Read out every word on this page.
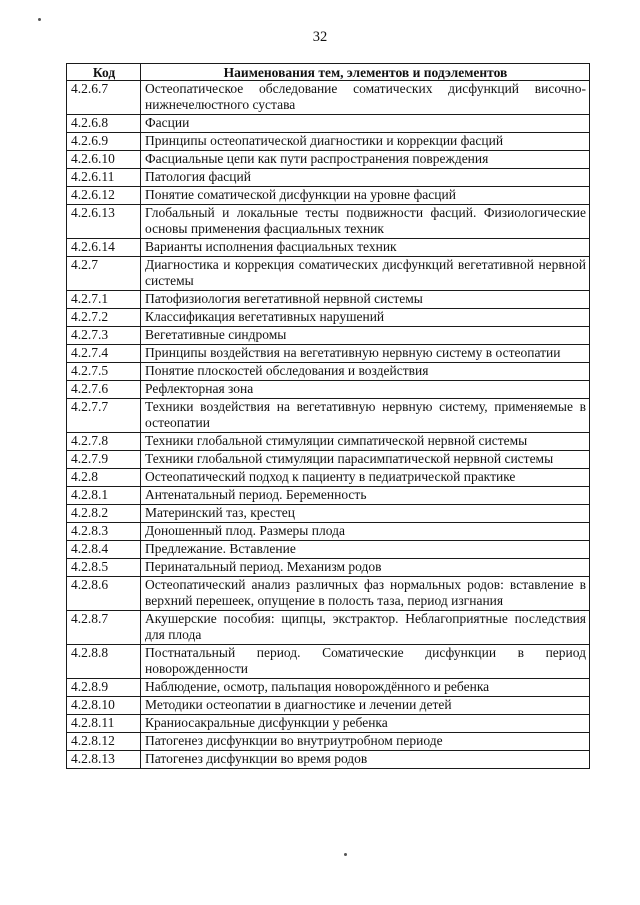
32
Код	Наименования тем, элементов и подэлементов
4.2.6.7	Остеопатическое обследование соматических дисфункций височно-нижнечелюстного сустава
4.2.6.8	Фасции
4.2.6.9	Принципы остеопатической диагностики и коррекции фасций
4.2.6.10	Фасциальные цепи как пути распространения повреждения
4.2.6.11	Патология фасций
4.2.6.12	Понятие соматической дисфункции на уровне фасций
4.2.6.13	Глобальный и локальные тесты подвижности фасций. Физиологические основы применения фасциальных техник
4.2.6.14	Варианты исполнения фасциальных техник
4.2.7	Диагностика и коррекция соматических дисфункций вегетативной нервной системы
4.2.7.1	Патофизиология вегетативной нервной системы
4.2.7.2	Классификация вегетативных нарушений
4.2.7.3	Вегетативные синдромы
4.2.7.4	Принципы воздействия на вегетативную нервную систему в остеопатии
4.2.7.5	Понятие плоскостей обследования и воздействия
4.2.7.6	Рефлекторная зона
4.2.7.7	Техники воздействия на вегетативную нервную систему, применяемые в остеопатии
4.2.7.8	Техники глобальной стимуляции симпатической нервной системы
4.2.7.9	Техники глобальной стимуляции парасимпатической нервной системы
4.2.8	Остеопатический подход к пациенту в педиатрической практике
4.2.8.1	Антенатальный период. Беременность
4.2.8.2	Материнский таз, крестец
4.2.8.3	Доношенный плод. Размеры плода
4.2.8.4	Предлежание. Вставление
4.2.8.5	Перинатальный период. Механизм родов
4.2.8.6	Остеопатический анализ различных фаз нормальных родов: вставление в верхний перешеек, опущение в полость таза, период изгнания
4.2.8.7	Акушерские пособия: щипцы, экстрактор. Неблагоприятные последствия для плода
4.2.8.8	Постнатальный период. Соматические дисфункции в период новорожденности
4.2.8.9	Наблюдение, осмотр, пальпация новорождённого и ребенка
4.2.8.10	Методики остеопатии в диагностике и лечении детей
4.2.8.11	Краниосакральные дисфункции у ребенка
4.2.8.12	Патогенез дисфункции во внутриутробном периоде
4.2.8.13	Патогенез дисфункции во время родов
